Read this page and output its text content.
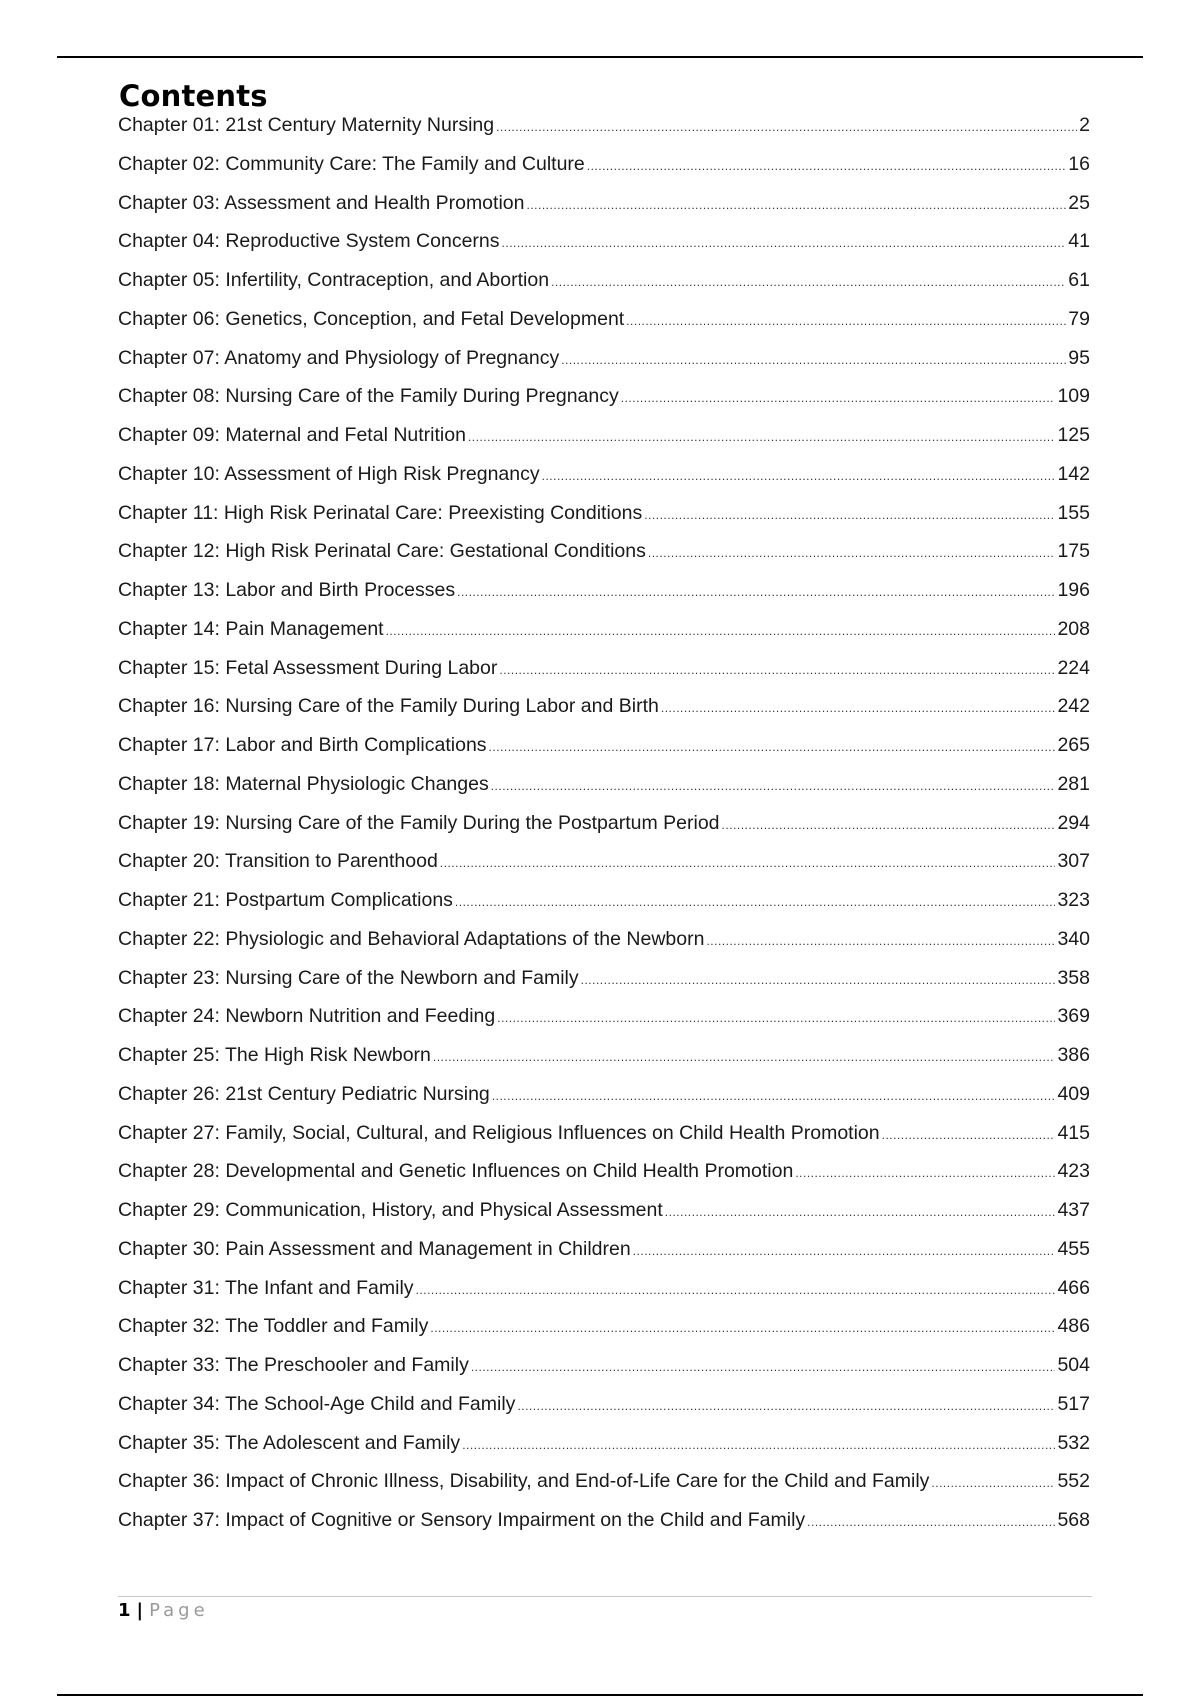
Contents
Chapter 01: 21st Century Maternity Nursing .....	2
Chapter 02: Community Care: The Family and Culture .....	16
Chapter 03: Assessment and Health Promotion .....	25
Chapter 04: Reproductive System Concerns .....	41
Chapter 05: Infertility, Contraception, and Abortion .....	61
Chapter 06: Genetics, Conception, and Fetal Development .....	79
Chapter 07: Anatomy and Physiology of Pregnancy .....	95
Chapter 08: Nursing Care of the Family During Pregnancy .....	109
Chapter 09: Maternal and Fetal Nutrition .....	125
Chapter 10: Assessment of High Risk Pregnancy .....	142
Chapter 11: High Risk Perinatal Care: Preexisting Conditions .....	155
Chapter 12: High Risk Perinatal Care: Gestational Conditions .....	175
Chapter 13: Labor and Birth Processes .....	196
Chapter 14: Pain Management .....	208
Chapter 15: Fetal Assessment During Labor .....	224
Chapter 16: Nursing Care of the Family During Labor and Birth .....	242
Chapter 17: Labor and Birth Complications .....	265
Chapter 18: Maternal Physiologic Changes .....	281
Chapter 19: Nursing Care of the Family During the Postpartum Period .....	294
Chapter 20: Transition to Parenthood .....	307
Chapter 21: Postpartum Complications .....	323
Chapter 22: Physiologic and Behavioral Adaptations of the Newborn .....	340
Chapter 23: Nursing Care of the Newborn and Family .....	358
Chapter 24: Newborn Nutrition and Feeding .....	369
Chapter 25: The High Risk Newborn .....	386
Chapter 26: 21st Century Pediatric Nursing .....	409
Chapter 27: Family, Social, Cultural, and Religious Influences on Child Health Promotion .....	415
Chapter 28: Developmental and Genetic Influences on Child Health Promotion .....	423
Chapter 29: Communication, History, and Physical Assessment .....	437
Chapter 30: Pain Assessment and Management in Children .....	455
Chapter 31: The Infant and Family .....	466
Chapter 32: The Toddler and Family .....	486
Chapter 33: The Preschooler and Family .....	504
Chapter 34: The School-Age Child and Family .....	517
Chapter 35: The Adolescent and Family .....	532
Chapter 36: Impact of Chronic Illness, Disability, and End-of-Life Care for the Child and Family .....	552
Chapter 37: Impact of Cognitive or Sensory Impairment on the Child and Family .....	568
1 | Page
